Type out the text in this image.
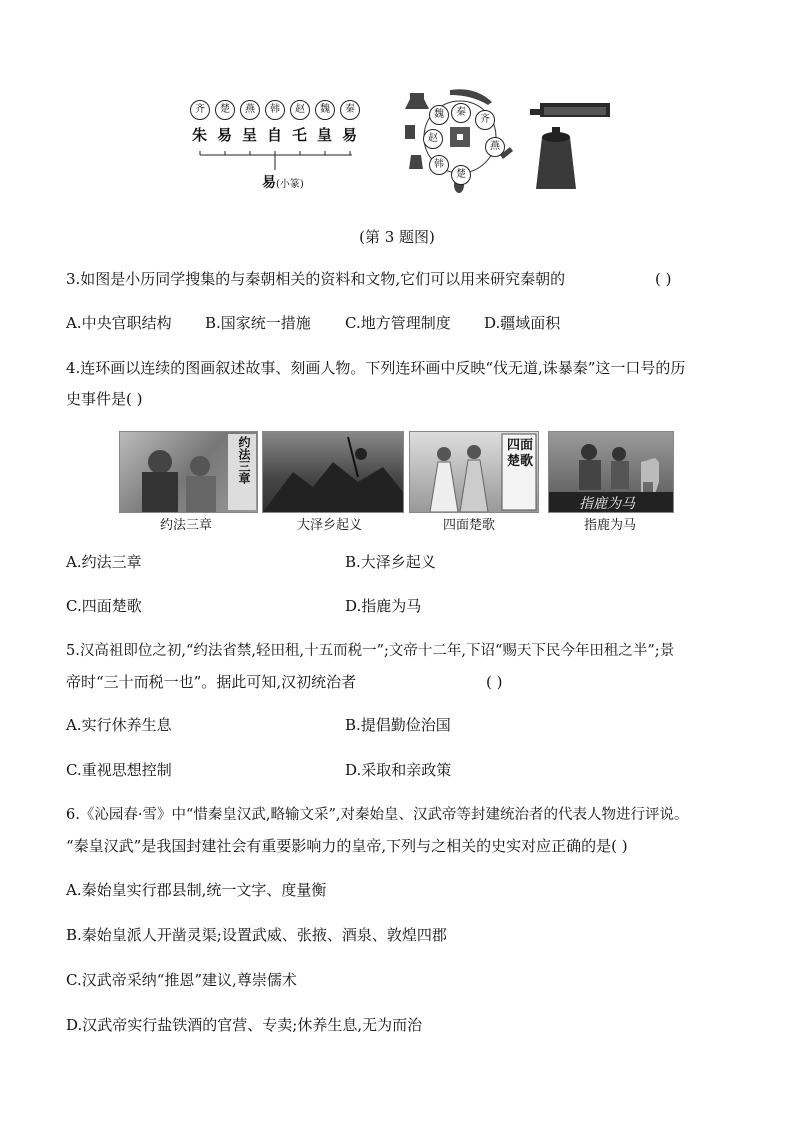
齐	楚	燕	韩	赵	魏	秦
朱 易 呈 自 乇 皇 易
易(小篆)
秦
齐
燕
楚
韩
赵
魏
(第 3 题图)
3.如图是小历同学搜集的与秦朝相关的资料和文物,它们可以用来研究秦朝的	( )
A.中央官职结构 B.国家统一措施 C.地方管理制度 D.疆域面积
4.连环画以连续的图画叙述故事、刻画人物。下列连环画中反映“伐无道,诛暴秦”这一口号的历
史事件是( )
约法三章	四面楚歌
指鹿为马
约法三章	大泽乡起义	四面楚歌	指鹿为马
A.约法三章	B.大泽乡起义
C.四面楚歌	D.指鹿为马
5.汉高祖即位之初,“约法省禁,轻田租,十五而税一”;文帝十二年,下诏“赐天下民今年田租之半”;景
帝时“三十而税一也”。据此可知,汉初统治者	( )
A.实行休养生息	B.提倡勤俭治国
C.重视思想控制	D.采取和亲政策
6.《沁园春·雪》中“惜秦皇汉武,略输文采”,对秦始皇、汉武帝等封建统治者的代表人物进行评说。
“秦皇汉武”是我国封建社会有重要影响力的皇帝,下列与之相关的史实对应正确的是( )
A.秦始皇实行郡县制,统一文字、度量衡
B.秦始皇派人开凿灵渠;设置武威、张掖、酒泉、敦煌四郡
C.汉武帝采纳“推恩”建议,尊崇儒术
D.汉武帝实行盐铁酒的官营、专卖;休养生息,无为而治
